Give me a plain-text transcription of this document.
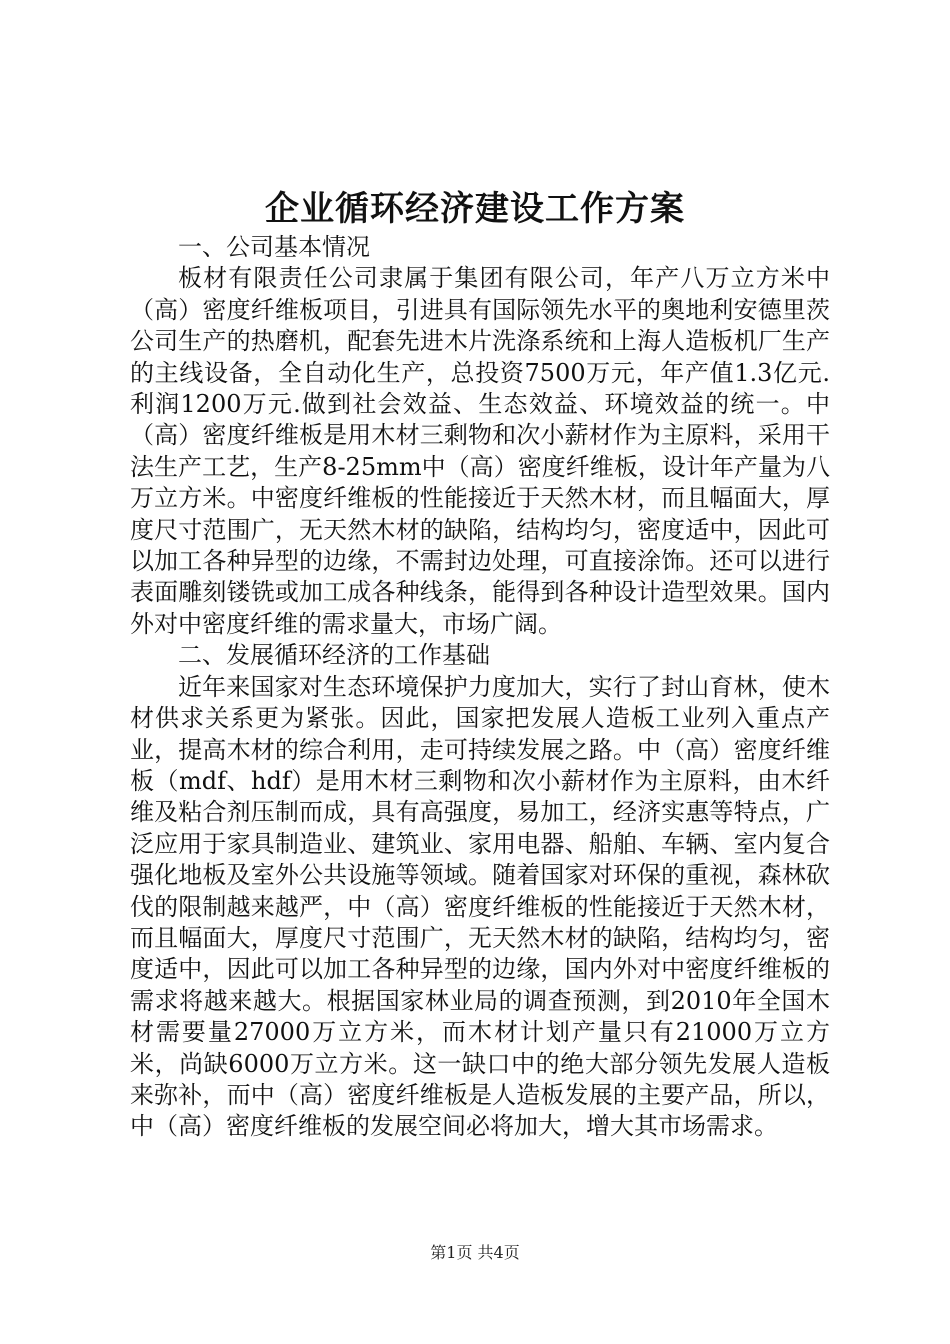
企业循环经济建设工作方案

一、公司基本情况

板材有限责任公司隶属于集团有限公司，年产八万立方米中（高）密度纤维板项目，引进具有国际领先水平的奥地利安德里茨公司生产的热磨机，配套先进木片洗涤系统和上海人造板机厂生产的主线设备，全自动化生产，总投资7500万元，年产值1.3亿元.利润1200万元.做到社会效益、生态效益、环境效益的统一。中（高）密度纤维板是用木材三剩物和次小薪材作为主原料，采用干法生产工艺，生产8-25mm中（高）密度纤维板，设计年产量为八万立方米。中密度纤维板的性能接近于天然木材，而且幅面大，厚度尺寸范围广，无天然木材的缺陷，结构均匀，密度适中，因此可以加工各种异型的边缘，不需封边处理，可直接涂饰。还可以进行表面雕刻镂铣或加工成各种线条，能得到各种设计造型效果。国内外对中密度纤维的需求量大，市场广阔。

二、发展循环经济的工作基础

近年来国家对生态环境保护力度加大，实行了封山育林，使木材供求关系更为紧张。因此，国家把发展人造板工业列入重点产业，提高木材的综合利用，走可持续发展之路。中（高）密度纤维板（mdf、hdf）是用木材三剩物和次小薪材作为主原料，由木纤维及粘合剂压制而成，具有高强度，易加工，经济实惠等特点，广泛应用于家具制造业、建筑业、家用电器、船舶、车辆、室内复合强化地板及室外公共设施等领域。随着国家对环保的重视，森林砍伐的限制越来越严，中（高）密度纤维板的性能接近于天然木材，而且幅面大，厚度尺寸范围广，无天然木材的缺陷，结构均匀，密度适中，因此可以加工各种异型的边缘，国内外对中密度纤维板的需求将越来越大。根据国家林业局的调查预测，到2010年全国木材需要量27000万立方米，而木材计划产量只有21000万立方米，尚缺6000万立方米。这一缺口中的绝大部分领先发展人造板来弥补，而中（高）密度纤维板是人造板发展的主要产品，所以，中（高）密度纤维板的发展空间必将加大，增大其市场需求。

第1页 共4页
